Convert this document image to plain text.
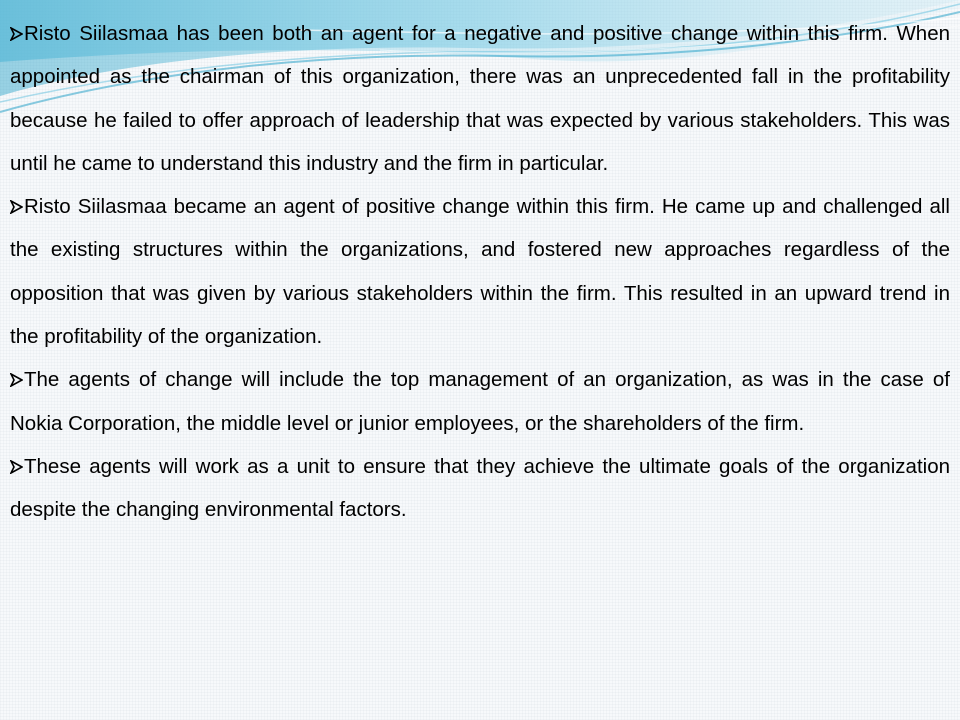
Risto Siilasmaa has been both an agent for a negative and positive change within this firm. When appointed as the chairman of this organization, there was an unprecedented fall in the profitability because he failed to offer approach of leadership that was expected by various stakeholders. This was until he came to understand this industry and the firm in particular.

Risto Siilasmaa became an agent of positive change within this firm. He came up and challenged all the existing structures within the organizations, and fostered new approaches regardless of the opposition that was given by various stakeholders within the firm. This resulted in an upward trend in the profitability of the organization.

The agents of change will include the top management of an organization, as was in the case of Nokia Corporation, the middle level or junior employees, or the shareholders of the firm.

These agents will work as a unit to ensure that they achieve the ultimate goals of the organization despite the changing environmental factors.
